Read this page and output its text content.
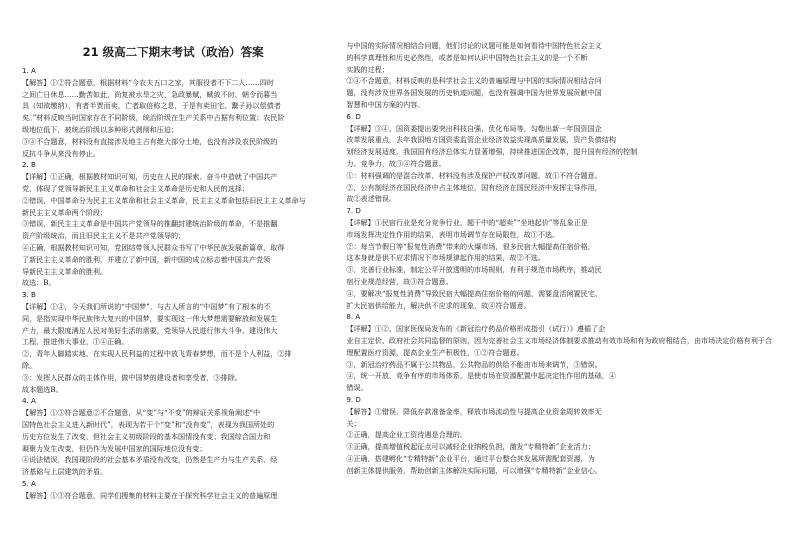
21 级高二下期末考试（政治）答案
1. A
【解答】①②符合题意，根据材料“今农夫五口之家，其服役者不下二人……四时
之间亡日休息……勤苦如此，尚复被水旱之灾，急政暴赋，赋敛不时，朝令而暮当
具（知欲缴纳），有者半贾而卖，亡者取倍称之息，于是有卖田宅、鬻子孙以偿债者
矣。”材料反映当时国家存在不同阶级，统治阶级在生产关系中占据有利位置；农民阶
级地位低下，被统治阶级以多种形式剥削和压迫；
③④不合题意，材料没有直接涉及地主占有绝大部分土地，也没有涉及农民阶级的
反抗斗争从来没有停止。
2. B
【详解】①正确，根据教材知识可知，历史在人民的探索、奋斗中造就了中国共产
党，体现了党领导新民主主义革命和社会主义革命是历史和人民的选择；
②错误，中国革命分为民主主义革命和社会主义革命，民主主义革命包括旧民主主义革命与
新民主主义革命两个阶段；
③错误，新民主主义革命是中国共产党领导的推翻封建统治阶级的革命，不是推翻
资产阶级统治，而且旧民主主义不是共产党领导的；
④正确，根据教材知识可知，党团结带领人民群众书写了中华民族发展新篇章，取得
了新民主主义革命的胜利，并建立了新中国，新中国的成立标志着中国共产党领
导新民主主义革命的胜利。
故选：B。
3. B
【详解】①④，今天我们所说的“中国梦”，与古人所言的“中国梦”有了根本的不
同，是指实现中华民族伟大复兴的中国梦，要实现这一伟大梦想需要解放和发展生
产力，最大限度满足人民对美好生活的需要，党领导人民进行伟大斗争、建设伟大
工程、推进伟大事业，①④正确。
②，青年人脚踏实地，在实现人民利益的过程中放飞青春梦想，而不是个人利益，②排
除。
③：发挥人民群众的主体作用，做中国梦的建设者和享受者，③排除。
故本题选B。
4. A
【解答】①③符合题意②不合题意，从“变”与“不变”的辩证关系视角阐述“中
国特色社会主义进入新时代”，表现为若干个“变”和“没有变”，表现为我国所处的
历史方位发生了改变，但社会主义初级阶段的基本国情没有变；我国综合国力和
凝聚力发生改变，但仍作为发展中国家的国际地位没有变；
④说法错误，我国现阶段的社会基本矛盾没有改变，仍然是生产力与生产关系、经
济基础与上层建筑的矛盾。
5. A
【解答】①③符合题意，同学们搜集的材料主要在于探究科学社会主义的普遍原理
与中国的实际情况相结合问题，他们讨论的议题可能是如何看待中国特色社会主义
的科学真理性和历史必然性，或者是如何认识中国特色社会主义的是一个不断
实践的过程；
②④不合题意，材料反映的是科学社会主义的普遍原理与中国的实际情况相结合问
题，没有涉及世界各国发展的历史轨迹问题，也没有强调中国为世界发展贡献中国
智慧和中国方案的内容。
6. D
【详解】③④，国资委提出要突出科技自强、优化布局等，勾勒出新一年国资国企
改革发展重点，去年我国地方国资委监管企业经济效益实现高质量发展，资产负债结构
划经济发展适度，我国国有经济总体实力显著增强，持续推进国企改革，提升国有经济的控制
力、竞争力，故③④符合题意。
①：材料强调的是混合改革，材料没有涉及保护产权改革问题，故①不符合题意。
②，公有制经济在国民经济中占主体地位，国有经济在国民经济中发挥主导作用，
故②表述错误。
7. D
【详解】①民宿行业是充分竞争行业，题干中的“超卖”“坐地起价”等乱象正是
市场发挥决定性作用的结果，表明市场调节存在局限性，故①不选。
②：每当节假日等“报复性消费”带来的火爆市场，很多民宿大幅提高住宿价格，
这本身就是供不应求情况下市场规律起作用的结果，故②不选。
③，完善行业标准，制定公平开放透明的市场规则，有利于规范市场秩序，推动民
宿行业规范经营，故③符合题意。
④，要解决“报复性消费”导致民宿大幅提高住宿价格的问题，需要盘活闲置民宅、
扩大民宿供给能力，解决供不应求的现象，故④符合题意。
8. A
【详解】①②，国家医保局发布的《新冠治疗药品价格形成指引（试行）》遵循了企
业自主定价、政府社会共同监督的原则，因为完善社会主义市场经济体制要求推动有效市场和有为政府相结合，由市场决定价格有利于合
理配置医疗资源，提高企业生产积极性，①②符合题意。
③，新冠治疗药品不属于公共物品，公共物品的供给不能由市场来调节，③错误。
④，统一开放、竞争有序的市场体系，是使市场在资源配置中起决定性作用的基础，④
错误。
9. D
【解答】①错误，降低存款准备金率，释放市场流动性与提高企业资金周转效率无
关；
②正确，提高企业工资待遇是合理的。
③正确，提高增值税起征点可以减轻企业纳税负担，激发“专精特新”企业活力；
④正确，搭建孵化“专精特新”企业平台，通过平台整合其发展所需配套资源，为
创新主体提供服务，帮助创新主体解决实际问题，可以增强“专精特新”企业信心。
